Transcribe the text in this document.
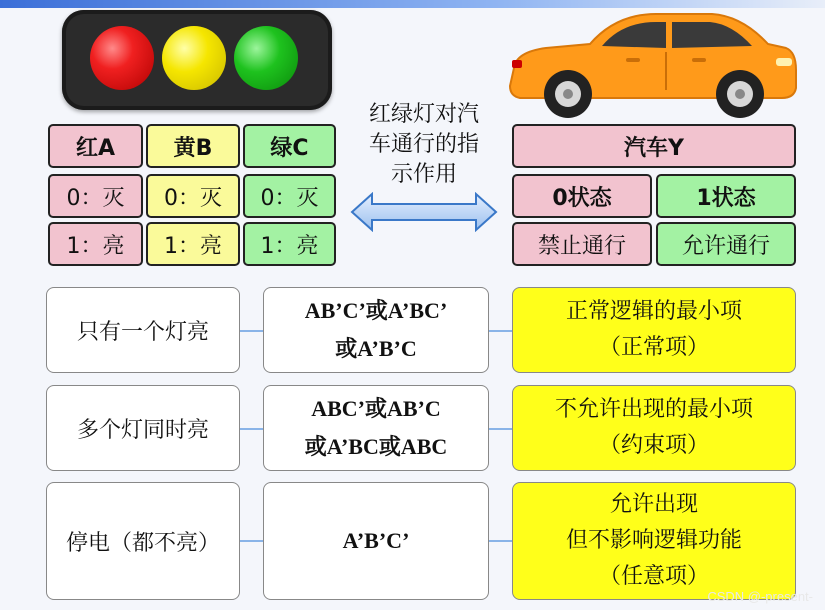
红A	黄B	绿C
0：灭	0：灭	0：灭
1：亮	1：亮	1：亮
红绿灯对汽
车通行的指
示作用
汽车Y
0状态	1状态
禁止通行	允许通行
只有一个灯亮
AB’C’或A’BC’
或A’B’C
正常逻辑的最小项
（正常项）
多个灯同时亮
ABC’或AB’C
或A’BC或ABC
不允许出现的最小项
（约束项）
停电（都不亮）	A’B’C’
允许出现
但不影响逻辑功能
（任意项）
CSDN @-present-
